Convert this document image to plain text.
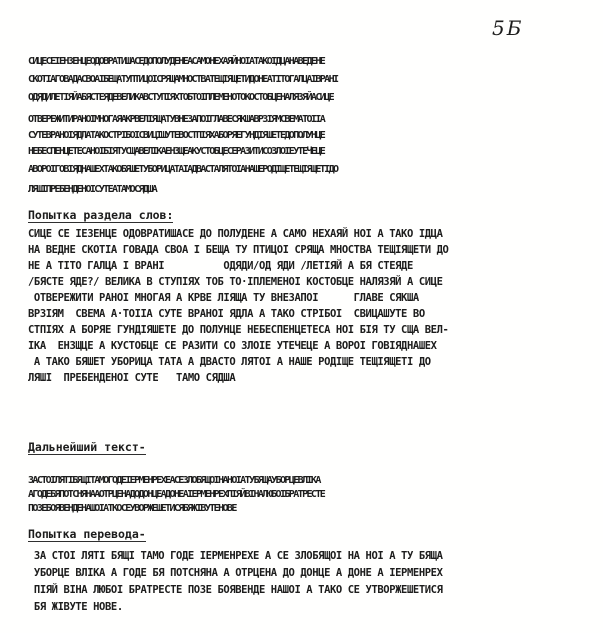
5Б
СИЦЕСЕІЕНЗЕНЦЕОДОВРАТИШАСЕДОПОЛУДЕНЕАСАМОНЕХАЯЙНОІАТАКОІДЦАНАВЕДЕНЕ
СКОТІАГОВАДАСВОАІБЕЩАТУПТИЦОІСРЯЩАМНОСТВАТЕЩІЯЩЕТИДОНЕАТІТОГАЛЦАІВРАНІ
ОДЯДИЛЕТІЯЙАБЯСТЕЯДЕВЕЛИКАВСТУПІЯХТОБТОІПЛЕМЕНОТОКОСТОБЦЕНАЛЯЗЯЙАСИЦЕ
ОТВЕРЕЖИТИРАНОІМНОГАЯАКРВЕЛІЯЩАТУВНЕЗАПОІГЛАВЕСЯКШАВРЗІЯМСВЕМАТОІІА
СУТЕВРАНОІЯДЛАТАКОСТРІБОІСВИЦІШУТЕВОСТПІЯХАБОРЯЕГУНДІЯШЕТЕДОПОЛУНЦЕ
НЕБЕСПЕНЦЕТЕСАНОІБІЯТУСЩАВЕЛІКАЕНЗЩЕАКУСТОБЦЕСЕРАЗИТИСОЗЛОІЕУТЕЧЕЦЕ
АВОРОІГОВІЯДНАШЕХТАКОБЯШЕТУБОРИЦАТАІАДВАСТАЛЯТОІАНАШЕРОДІЩЕТЕЩІЯЩЕТІДО
ЛЯШІПРЕБЕНДЕНОІСУТЕАТАМОСЯДША
Попытка раздела слов:
СИЦЕ СЕ ІЕЗЕНЦЕ ОДОВРАТИШАСЕ ДО ПОЛУДЕНЕ А САМО НЕХАЯЙ НОІ А ТАКО ІДЦА
НА ВЕДНЕ СКОТІА ГОВАДА СВОА І БЕЩА ТУ ПТИЦОІ СРЯЩА МНОСТВА ТЕЩІЯЩЕТИ ДО
НЕ А ТІТО ГАЛЦА І ВРАНІ          ОДЯДИ/ОД ЯДИ /ЛЕТІЯЙ А БЯ СТЕЯДЕ
/БЯСТЕ ЯДЕ?/ ВЕЛИКА В СТУПІЯХ ТОБ ТО·ІПЛЕМЕНОІ КОСТОБЦЕ НАЛЯЗЯЙ А СИЦЕ
ОТВЕРЕЖИТИ РАНОІ МНОГАЯ А КРВЕ ЛІЯЩА ТУ ВНЕЗАПОІ      ГЛАВЕ СЯКША
ВРЗІЯМ  СВЕМА А·ТОІІА СУТЕ ВРАНОІ ЯДЛА А ТАКО СТРІБОІ  СВИЦАШУТЕ ВО
СТПІЯХ А БОРЯЕ ГУНДІЯШЕТЕ ДО ПОЛУНЦЕ НЕБЕСПЕНЦЕТЕСА НОІ БІЯ ТУ СЩА ВЕЛ-
ІКА  ЕНЗЩЦЕ А КУСТОБЦЕ СЕ РАЗИТИ СО ЗЛОІЕ УТЕЧЕЦЕ А ВОРОІ ГОВІЯДНАШЕХ
А ТАКО БЯШЕТ УБОРИЦА ТАТА А ДВАСТО ЛЯТОІ А НАШЕ РОДІЩЕ ТЕЩІЯЩЕТІ ДО
ЛЯШІ  ПРЕБЕНДЕНОІ СУТЕ   ТАМО СЯДША
Дальнейший текст-
ЗАСТОІЛЯТІБЯЩІТАМОГОДЕІЕРМЕНРЕХЕАСЕЗЛОБЯЩОІНАНОІАТУБЯЩАУБОРЦЕВЛІКА
АГОДЕБЯПОТСНЯНААОТРЦЕНАДОДОНЦЕАДОНЕАІЕРМЕНРЕХПІЯЙВІНАЛЮБОІБРАТРЕСТЕ
ПОЗЕБОЯВЕНДЕНАШОІАТКОСЕУВОРЖЕШЕТИСЯБЯЖІВУТЕНОВЕ
Попытка перевода-
ЗА СТОІ ЛЯТІ БЯЩІ ТАМО ГОДЕ ІЕРМЕНРЕХЕ А СЕ ЗЛОБЯЩОІ НА НОІ А ТУ БЯЩА
УБОРЦЕ ВЛІКА А ГОДЕ БЯ ПОТСНЯНА А ОТРЦЕНА ДО ДОНЦЕ А ДОНЕ А ІЕРМЕНРЕХ
ПІЯЙ ВІНА ЛЮБОІ БРАТРЕСТЕ ПОЗЕ БОЯВЕНДЕ НАШОІ А ТАКО СЕ УТВОРЖЕШЕТИСЯ
БЯ ЖІВУТЕ НОВЕ.
